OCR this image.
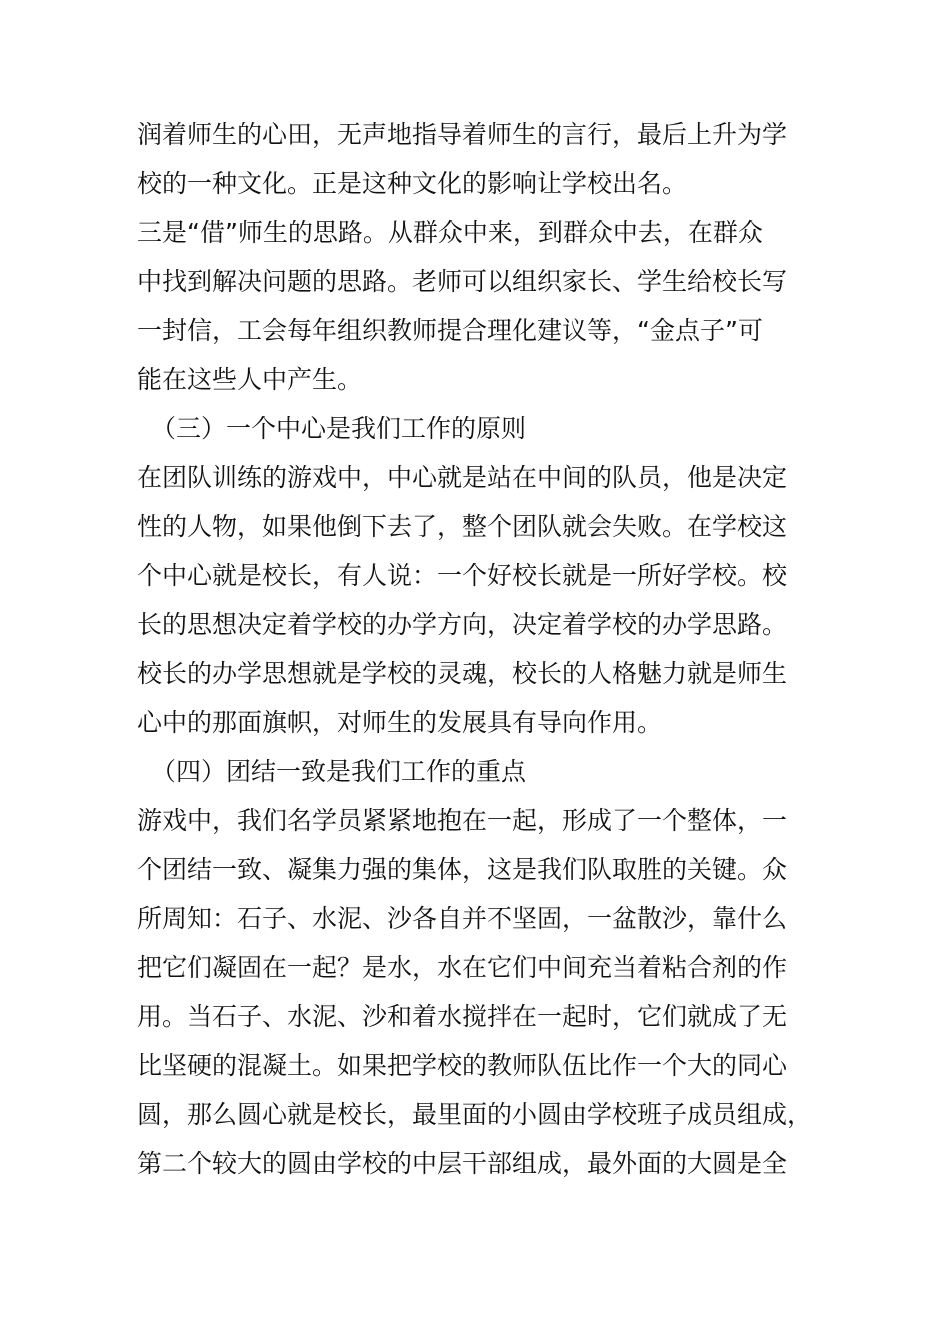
润着师生的心田，无声地指导着师生的言行，最后上升为学
校的一种文化。正是这种文化的影响让学校出名。
三是“借”师生的思路。从群众中来，到群众中去，在群众
中找到解决问题的思路。老师可以组织家长、学生给校长写
一封信，工会每年组织教师提合理化建议等，“金点子”可
能在这些人中产生。
（三）一个中心是我们工作的原则
在团队训练的游戏中，中心就是站在中间的队员，他是决定
性的人物，如果他倒下去了，整个团队就会失败。在学校这
个中心就是校长，有人说：一个好校长就是一所好学校。校
长的思想决定着学校的办学方向，决定着学校的办学思路。
校长的办学思想就是学校的灵魂，校长的人格魅力就是师生
心中的那面旗帜，对师生的发展具有导向作用。
（四）团结一致是我们工作的重点
游戏中，我们名学员紧紧地抱在一起，形成了一个整体，一
个团结一致、凝集力强的集体，这是我们队取胜的关键。众
所周知：石子、水泥、沙各自并不坚固，一盆散沙，靠什么
把它们凝固在一起？是水，水在它们中间充当着粘合剂的作
用。当石子、水泥、沙和着水搅拌在一起时，它们就成了无
比坚硬的混凝土。如果把学校的教师队伍比作一个大的同心
圆，那么圆心就是校长，最里面的小圆由学校班子成员组成，
第二个较大的圆由学校的中层干部组成，最外面的大圆是全
